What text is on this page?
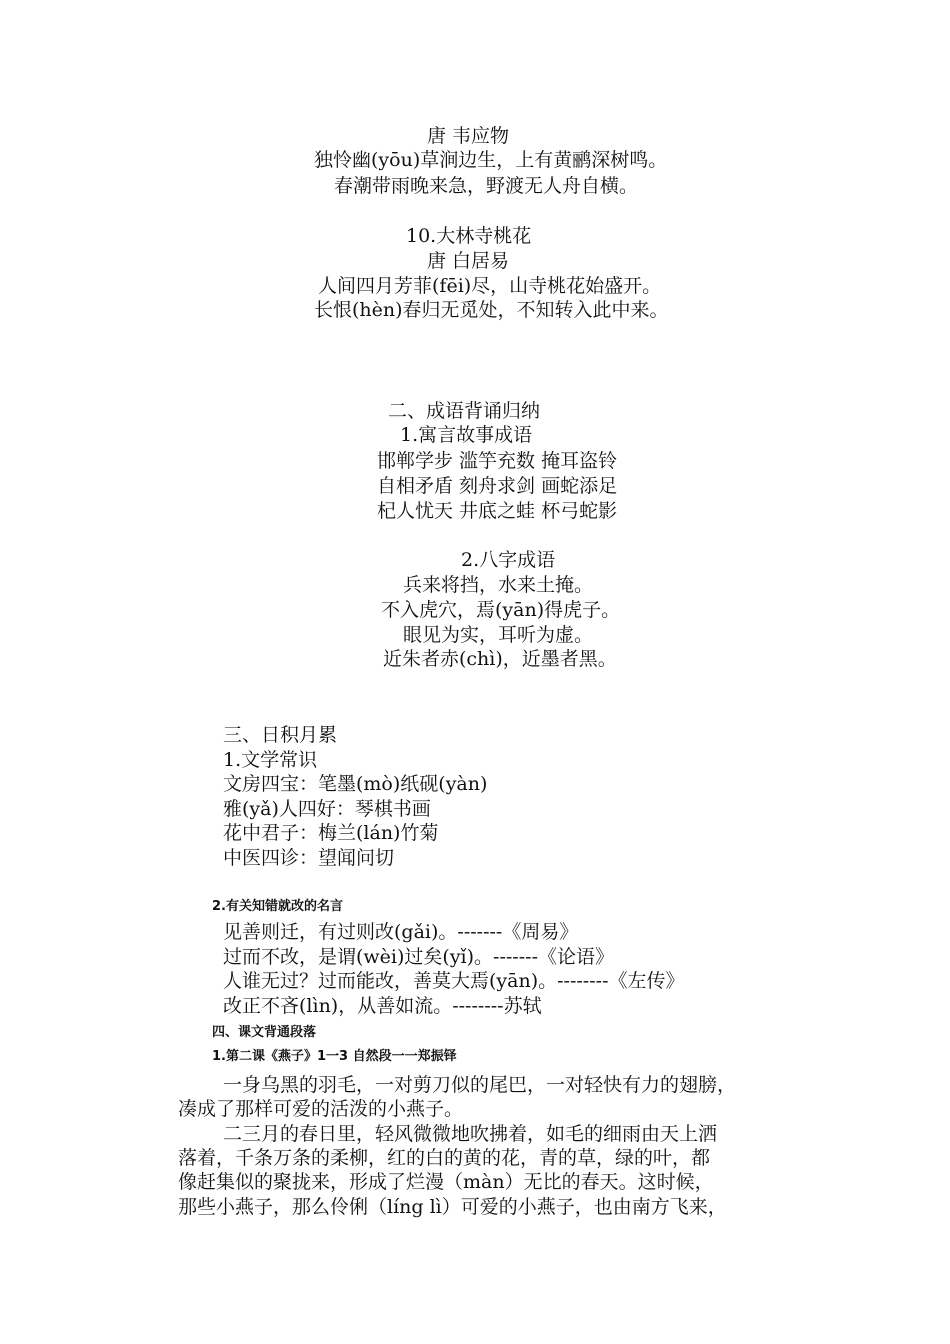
唐 韦应物
独怜幽(yōu)草涧边生，上有黄鹂深树鸣。
春潮带雨晚来急，野渡无人舟自横。
10.大林寺桃花
唐 白居易
人间四月芳菲(fēi)尽，山寺桃花始盛开。
长恨(hèn)春归无觅处，不知转入此中来。
二、成语背诵归纳
1.寓言故事成语
邯郸学步 滥竽充数 掩耳盗铃
自相矛盾 刻舟求剑 画蛇添足
杞人忧天 井底之蛙 杯弓蛇影
2.八字成语
兵来将挡，水来土掩。
不入虎穴，焉(yān)得虎子。
眼见为实，耳听为虚。
近朱者赤(chì)，近墨者黑。
三、日积月累
1.文学常识
文房四宝：笔墨(mò)纸砚(yàn)
雅(yǎ)人四好：琴棋书画
花中君子：梅兰(lán)竹菊
中医四诊：望闻问切
2.有关知错就改的名言
见善则迁，有过则改(gǎi)。-------《周易》
过而不改，是谓(wèi)过矣(yǐ)。-------《论语》
人谁无过？过而能改，善莫大焉(yān)。--------《左传》
改正不吝(lìn)，从善如流。--------苏轼
四、课文背通段落
1.第二课《燕子》1一3 自然段一一郑振铎
一身乌黑的羽毛，一对剪刀似的尾巴，一对轻快有力的翅膀，
凑成了那样可爱的活泼的小燕子。
二三月的春日里，轻风微微地吹拂着，如毛的细雨由天上洒
落着，千条万条的柔柳，红的白的黄的花，青的草，绿的叶，都
像赶集似的聚拢来，形成了烂漫（màn）无比的春天。这时候，
那些小燕子，那么伶俐（líng lì）可爱的小燕子，也由南方飞来，
